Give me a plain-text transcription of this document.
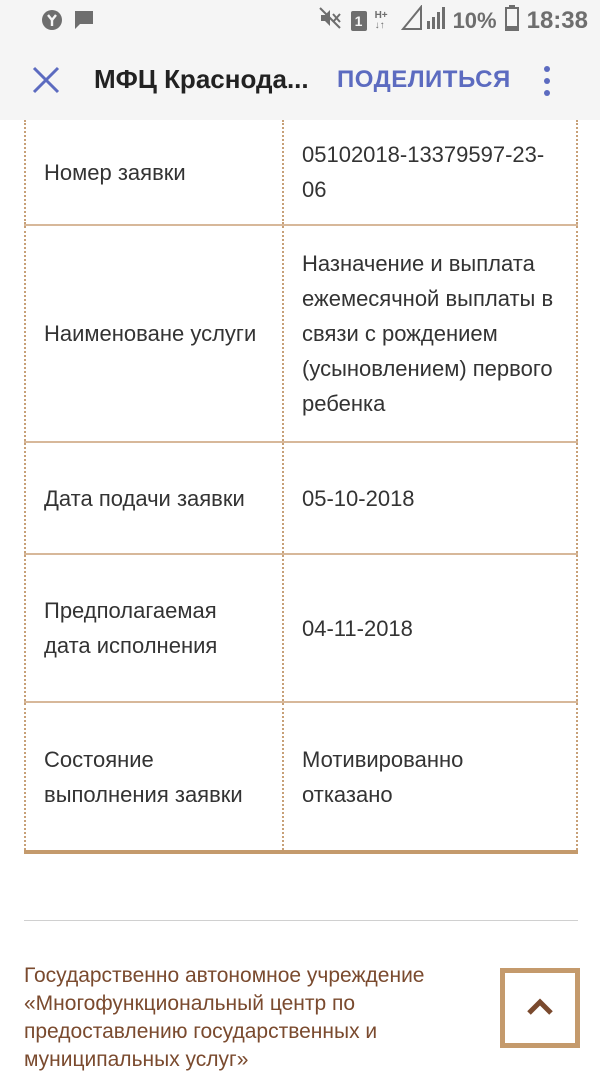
1	H+
↓↑	10% 18:38
МФЦ Краснода...	ПОДЕЛИТЬСЯ
Номер заявки	05102018-13379597-23-06
Наименоване услуги	Назначение и выплата ежемесячной выплаты в связи с рождением (усыновлением) первого ребенка
Дата подачи заявки	05-10-2018
Предполагаемая дата исполнения	04-11-2018
Состояние выполнения заявки	Мотивированно отказано
Государственно автономное учреждение «Многофункциональный центр по предоставлению государственных и муниципальных услуг»
